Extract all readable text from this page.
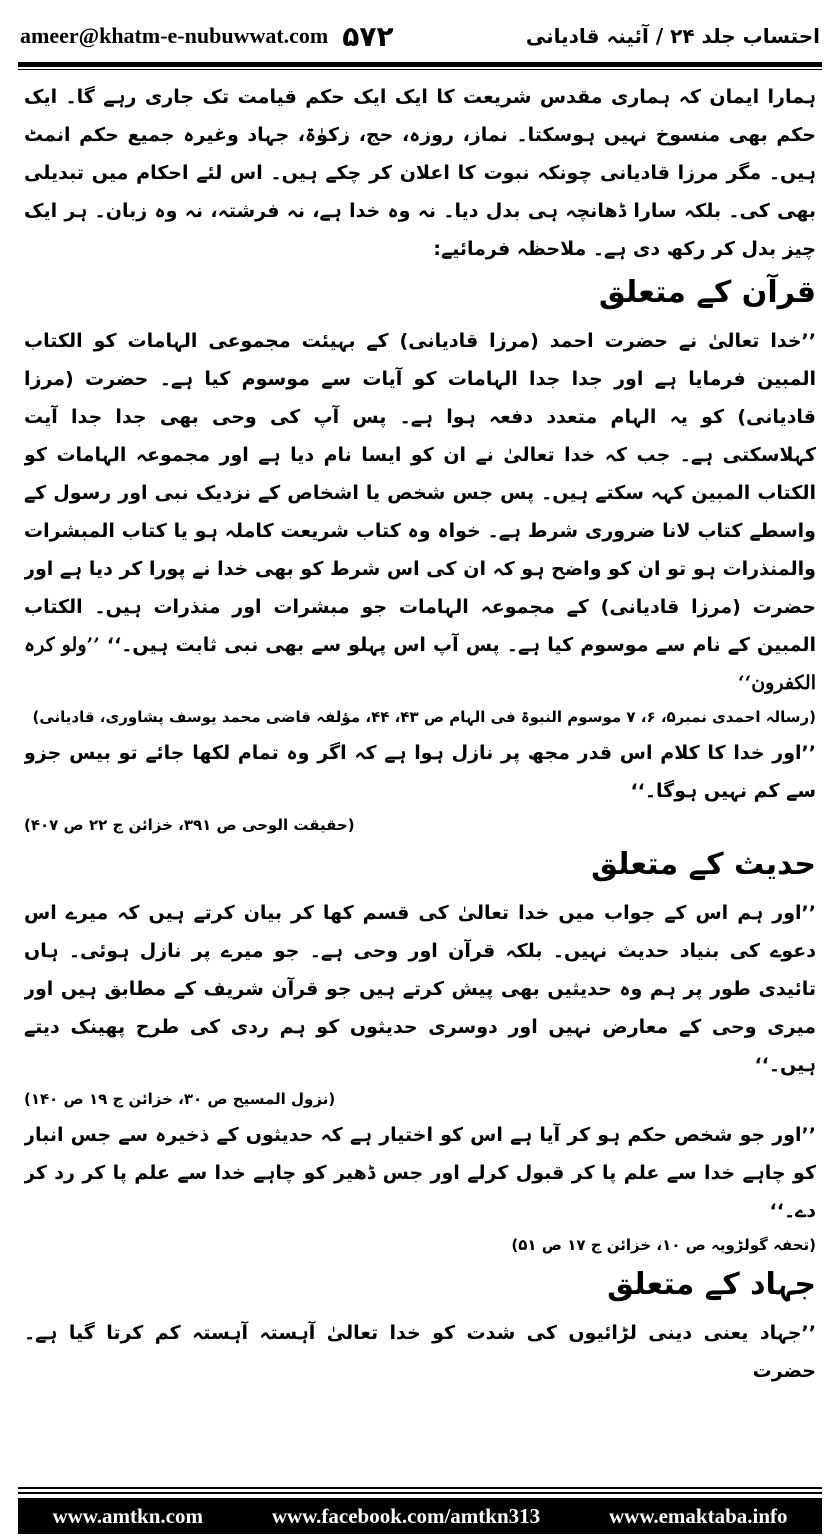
ameer@khatm-e-nubuwwat.com ۵۷۲	احتساب جلد ۲۴ / آئینہ قادیانی

ہمارا ایمان کہ ہماری مقدس شریعت کا ایک ایک حکم قیامت تک جاری رہے گا۔ ایک حکم بھی منسوخ نہیں ہوسکتا۔ نماز، روزہ، حج، زکوٰۃ، جہاد وغیرہ جمیع حکم انمٹ ہیں۔ مگر مرزا قادیانی چونکہ نبوت کا اعلان کر چکے ہیں۔ اس لئے احکام میں تبدیلی بھی کی۔ بلکہ سارا ڈھانچہ ہی بدل دیا۔ نہ وہ خدا ہے، نہ فرشتہ، نہ وہ زبان۔ ہر ایک چیز بدل کر رکھ دی ہے۔ ملاحظہ فرمائیے:

قرآن کے متعلق

’’خدا تعالیٰ نے حضرت احمد (مرزا قادیانی) کے بہیئت مجموعی الہامات کو الکتاب المبین فرمایا ہے اور جدا جدا الہامات کو آیات سے موسوم کیا ہے۔ حضرت (مرزا قادیانی) کو یہ الہام متعدد دفعہ ہوا ہے۔ پس آپ کی وحی بھی جدا جدا آیت کہلاسکتی ہے۔ جب کہ خدا تعالیٰ نے ان کو ایسا نام دیا ہے اور مجموعہ الہامات کو الکتاب المبین کہہ سکتے ہیں۔ پس جس شخص یا اشخاص کے نزدیک نبی اور رسول کے واسطے کتاب لانا ضروری شرط ہے۔ خواہ وہ کتاب شریعت کاملہ ہو یا کتاب المبشرات والمنذرات ہو تو ان کو واضح ہو کہ ان کی اس شرط کو بھی خدا نے پورا کر دیا ہے اور حضرت (مرزا قادیانی) کے مجموعہ الہامات جو مبشرات اور منذرات ہیں۔ الکتاب المبین کے نام سے موسوم کیا ہے۔ پس آپ اس پہلو سے بھی نبی ثابت ہیں۔‘‘ ’’ولو کرہ الکفرون‘‘

(رسالہ احمدی نمبر۵، ۶، ۷ موسوم النبوۃ فی الہام ص ۴۳، ۴۴، مؤلفہ قاضی محمد یوسف پشاوری، قادیانی)

’’اور خدا کا کلام اس قدر مجھ پر نازل ہوا ہے کہ اگر وہ تمام لکھا جائے تو بیس جزو سے کم نہیں ہوگا۔‘‘

(حقیقت الوحی ص ۳۹۱، خزائن ج ۲۲ ص ۴۰۷)

حدیث کے متعلق

’’اور ہم اس کے جواب میں خدا تعالیٰ کی قسم کھا کر بیان کرتے ہیں کہ میرے اس دعوے کی بنیاد حدیث نہیں۔ بلکہ قرآن اور وحی ہے۔ جو میرے پر نازل ہوئی۔ ہاں تائیدی طور پر ہم وہ حدیثیں بھی پیش کرتے ہیں جو قرآن شریف کے مطابق ہیں اور میری وحی کے معارض نہیں اور دوسری حدیثوں کو ہم ردی کی طرح پھینک دیتے ہیں۔‘‘

(نزول المسیح ص ۳۰، خزائن ج ۱۹ ص ۱۴۰)

’’اور جو شخص حکم ہو کر آیا ہے اس کو اختیار ہے کہ حدیثوں کے ذخیرہ سے جس انبار کو چاہے خدا سے علم پا کر قبول کرلے اور جس ڈھیر کو چاہے خدا سے علم پا کر رد کر دے۔‘‘

(تحفہ گولڑویہ ص ۱۰، خزائن ج ۱۷ ص ۵۱)

جہاد کے متعلق

’’جہاد یعنی دینی لڑائیوں کی شدت کو خدا تعالیٰ آہستہ آہستہ کم کرتا گیا ہے۔ حضرت

www.amtkn.com	www.facebook.com/amtkn313	www.emaktaba.info
